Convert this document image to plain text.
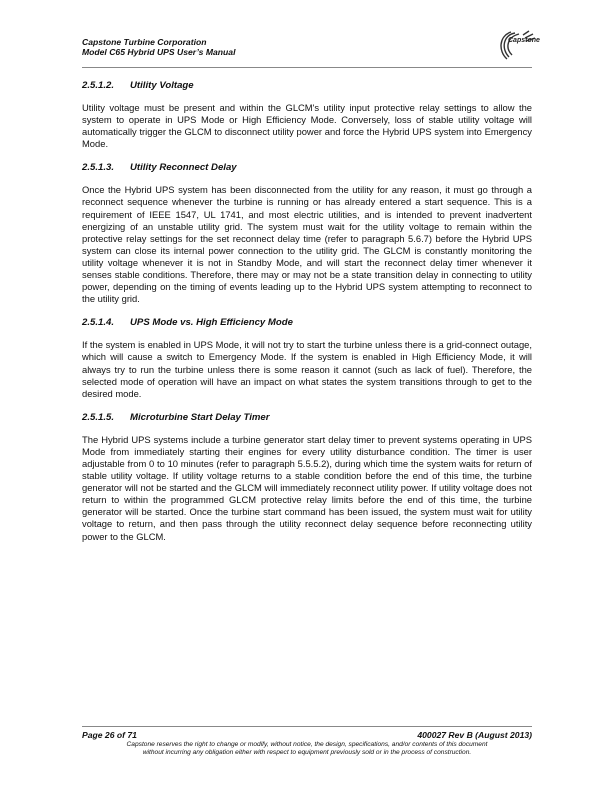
Capstone Turbine Corporation
Model C65 Hybrid UPS User’s Manual
Capstone
2.5.1.2. Utility Voltage

Utility voltage must be present and within the GLCM's utility input protective relay settings to allow the system to operate in UPS Mode or High Efficiency Mode. Conversely, loss of stable utility voltage will automatically trigger the GLCM to disconnect utility power and force the Hybrid UPS system into Emergency Mode.

2.5.1.3. Utility Reconnect Delay

Once the Hybrid UPS system has been disconnected from the utility for any reason, it must go through a reconnect sequence whenever the turbine is running or has already entered a start sequence. This is a requirement of IEEE 1547, UL 1741, and most electric utilities, and is intended to prevent inadvertent energizing of an unstable utility grid. The system must wait for the utility voltage to remain within the protective relay settings for the set reconnect delay time (refer to paragraph 5.6.7) before the Hybrid UPS system can close its internal power connection to the utility grid. The GLCM is constantly monitoring the utility voltage whenever it is not in Standby Mode, and will start the reconnect delay timer whenever it senses stable conditions. Therefore, there may or may not be a state transition delay in connecting to utility power, depending on the timing of events leading up to the Hybrid UPS system attempting to reconnect to the utility grid.

2.5.1.4. UPS Mode vs. High Efficiency Mode

If the system is enabled in UPS Mode, it will not try to start the turbine unless there is a grid-connect outage, which will cause a switch to Emergency Mode. If the system is enabled in High Efficiency Mode, it will always try to run the turbine unless there is some reason it cannot (such as lack of fuel). Therefore, the selected mode of operation will have an impact on what states the system transitions through to get to the desired mode.

2.5.1.5. Microturbine Start Delay Timer

The Hybrid UPS systems include a turbine generator start delay timer to prevent systems operating in UPS Mode from immediately starting their engines for every utility disturbance condition. The timer is user adjustable from 0 to 10 minutes (refer to paragraph 5.5.5.2), during which time the system waits for return of stable utility voltage. If utility voltage returns to a stable condition before the end of this time, the turbine generator will not be started and the GLCM will immediately reconnect utility power. If utility voltage does not return to within the programmed GLCM protective relay limits before the end of this time, the turbine generator will be started. Once the turbine start command has been issued, the system must wait for utility voltage to return, and then pass through the utility reconnect delay sequence before reconnecting utility power to the GLCM.

Page 26 of 71	400027 Rev B (August 2013)
Capstone reserves the right to change or modify, without notice, the design, specifications, and/or contents of this document
without incurring any obligation either with respect to equipment previously sold or in the process of construction.
